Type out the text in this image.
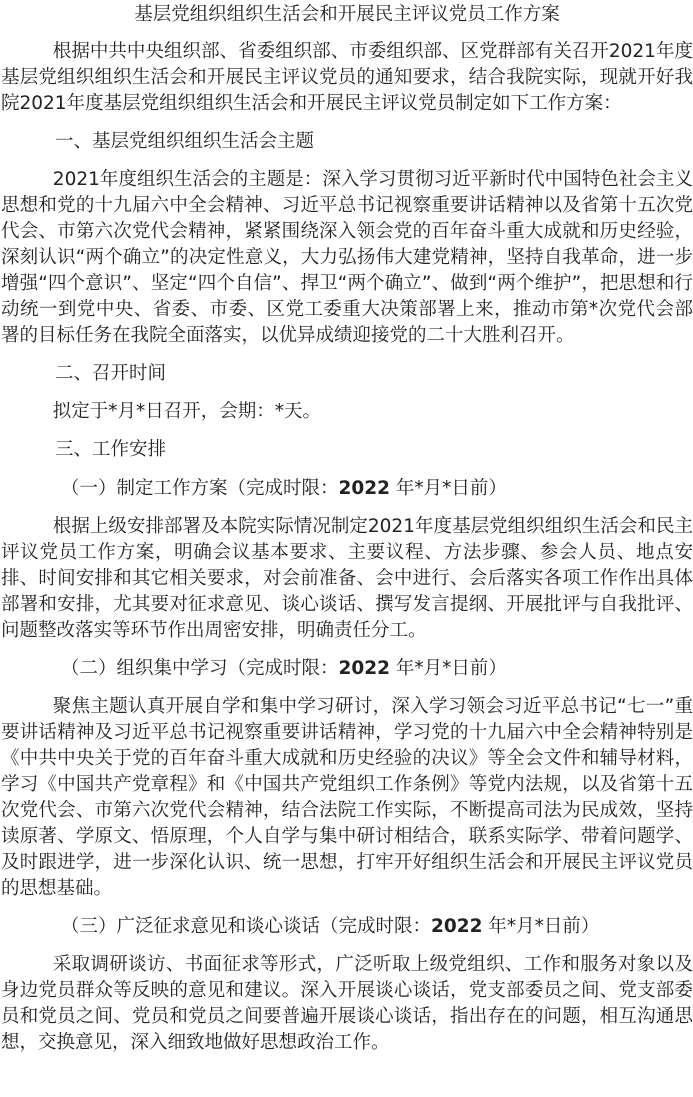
基层党组织组织生活会和开展民主评议党员工作方案
根据中共中央组织部、省委组织部、市委组织部、区党群部有关召开2021年度基层党组织组织生活会和开展民主评议党员的通知要求，结合我院实际，现就开好我院2021年度基层党组织组织生活会和开展民主评议党员制定如下工作方案：
一、基层党组织组织生活会主题
2021年度组织生活会的主题是：深入学习贯彻习近平新时代中国特色社会主义思想和党的十九届六中全会精神、习近平总书记视察重要讲话精神以及省第十五次党代会、市第六次党代会精神，紧紧围绕深入领会党的百年奋斗重大成就和历史经验，深刻认识“两个确立”的决定性意义，大力弘扬伟大建党精神，坚持自我革命，进一步增强“四个意识”、坚定“四个自信”、捍卫“两个确立”、做到“两个维护”，把思想和行动统一到党中央、省委、市委、区党工委重大决策部署上来，推动市第*次党代会部署的目标任务在我院全面落实，以优异成绩迎接党的二十大胜利召开。
二、召开时间
拟定于*月*日召开，会期：*天。
三、工作安排
（一）制定工作方案（完成时限：2022 年*月*日前）
根据上级安排部署及本院实际情况制定2021年度基层党组织组织生活会和民主评议党员工作方案，明确会议基本要求、主要议程、方法步骤、参会人员、地点安排、时间安排和其它相关要求，对会前准备、会中进行、会后落实各项工作作出具体部署和安排，尤其要对征求意见、谈心谈话、撰写发言提纲、开展批评与自我批评、问题整改落实等环节作出周密安排，明确责任分工。
（二）组织集中学习（完成时限：2022 年*月*日前）
聚焦主题认真开展自学和集中学习研讨，深入学习领会习近平总书记“七一”重要讲话精神及习近平总书记视察重要讲话精神，学习党的十九届六中全会精神特别是《中共中央关于党的百年奋斗重大成就和历史经验的决议》等全会文件和辅导材料，学习《中国共产党章程》和《中国共产党组织工作条例》等党内法规，以及省第十五次党代会、市第六次党代会精神，结合法院工作实际，不断提高司法为民成效，坚持读原著、学原文、悟原理，个人自学与集中研讨相结合，联系实际学、带着问题学、及时跟进学，进一步深化认识、统一思想，打牢开好组织生活会和开展民主评议党员的思想基础。
（三）广泛征求意见和谈心谈话（完成时限：2022 年*月*日前）
采取调研谈访、书面征求等形式，广泛听取上级党组织、工作和服务对象以及身边党员群众等反映的意见和建议。深入开展谈心谈话，党支部委员之间、党支部委员和党员之间、党员和党员之间要普遍开展谈心谈话，指出存在的问题，相互沟通思想，交换意见，深入细致地做好思想政治工作。
